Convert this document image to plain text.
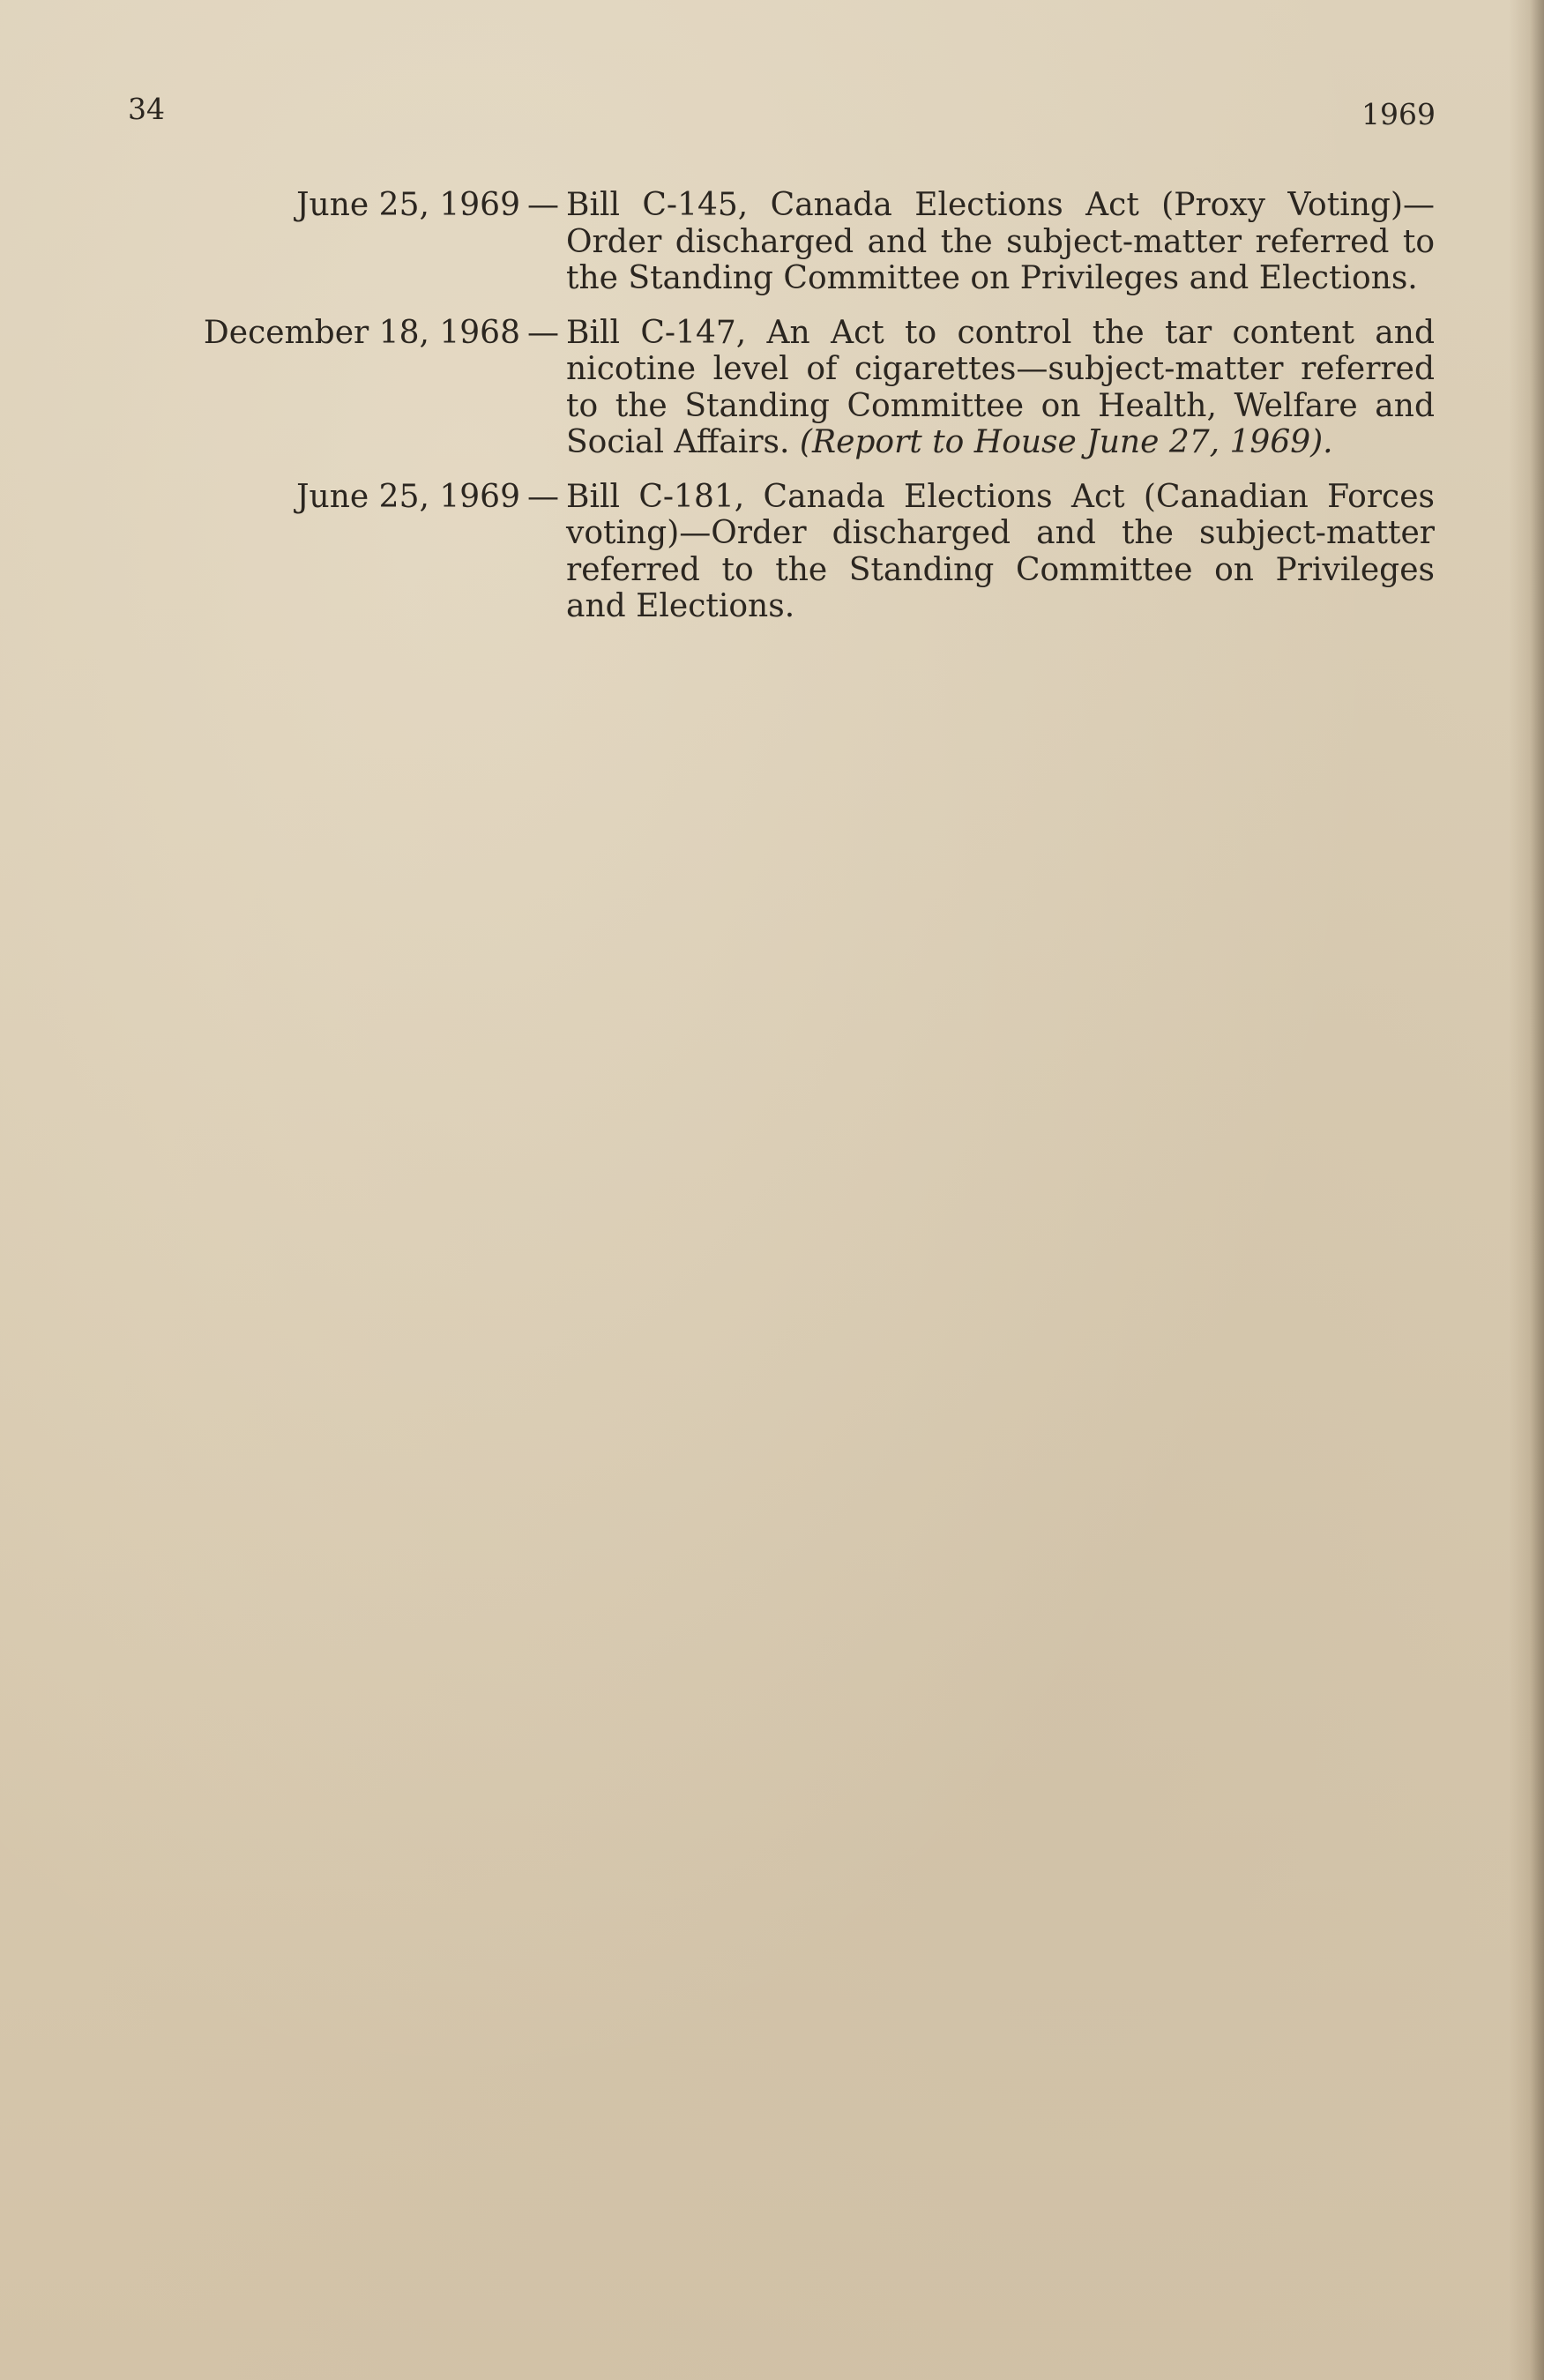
34	1969
June 25, 1969 — Bill C-145, Canada Elections Act (Proxy Voting)—Order discharged and the subject-matter referred to the Standing Committee on Privileges and Elections.
December 18, 1968 — Bill C-147, An Act to control the tar content and nicotine level of cigarettes—subject-matter referred to the Standing Committee on Health, Welfare and Social Affairs. (Report to House June 27, 1969).
June 25, 1969 — Bill C-181, Canada Elections Act (Canadian Forces voting)—Order discharged and the subject-matter referred to the Standing Committee on Privileges and Elections.
